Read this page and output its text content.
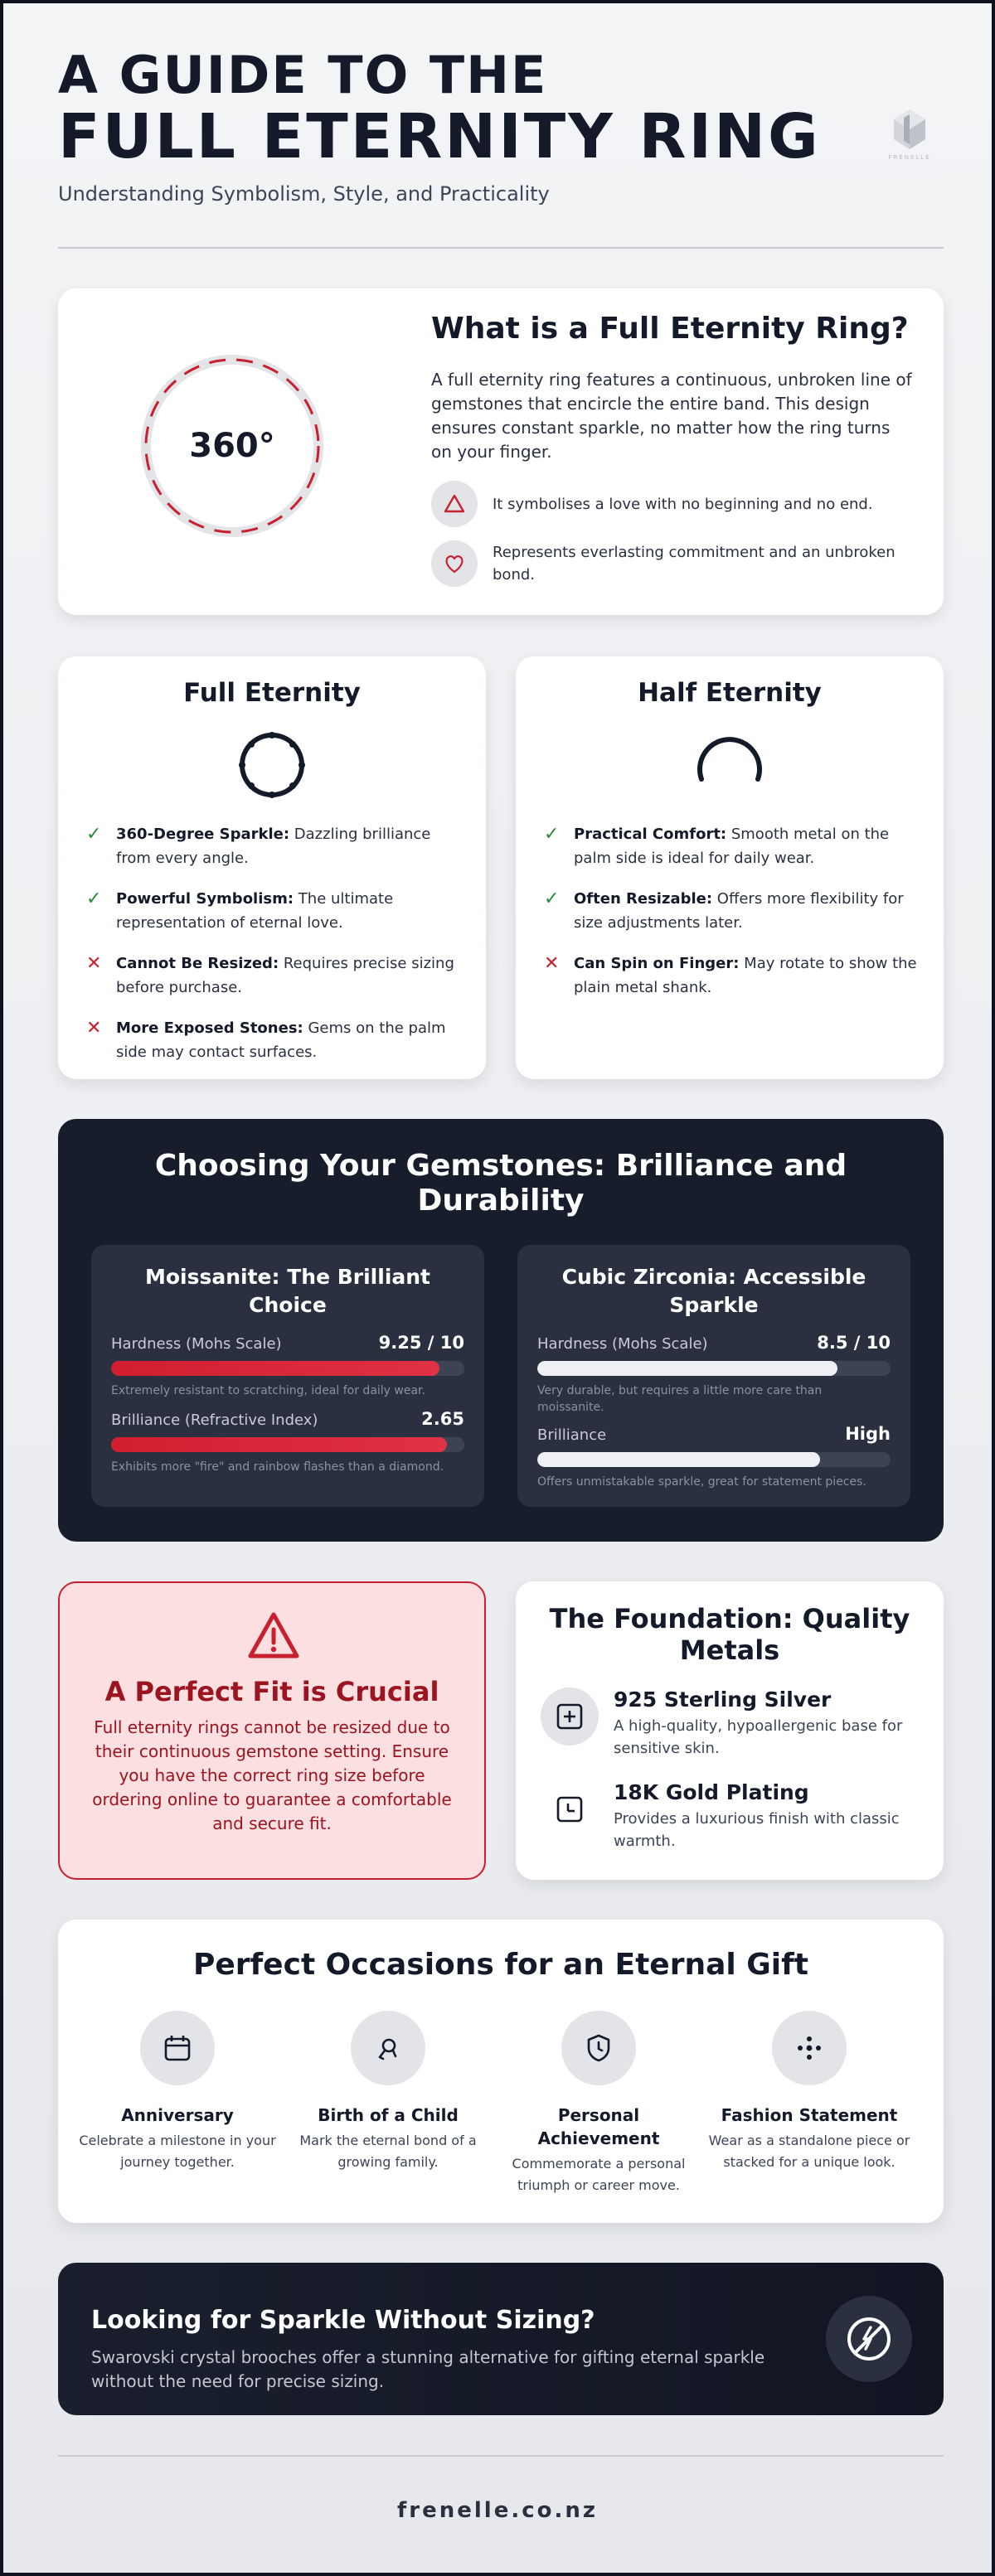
A GUIDE TO THE
FULL ETERNITY RING
Understanding Symbolism, Style, and Practicality
FRENELLE
360°
What is a Full Eternity Ring?
A full eternity ring features a continuous, unbroken line of gemstones that encircle the entire band. This design ensures constant sparkle, no matter how the ring turns on your finger.
It symbolises a love with no beginning and no end.
Represents everlasting commitment and an unbroken bond.
Full Eternity
✓ 360-Degree Sparkle: Dazzling brilliance from every angle.
✓ Powerful Symbolism: The ultimate representation of eternal love.
✕ Cannot Be Resized: Requires precise sizing before purchase.
✕ More Exposed Stones: Gems on the palm side may contact surfaces.
Half Eternity
✓ Practical Comfort: Smooth metal on the palm side is ideal for daily wear.
✓ Often Resizable: Offers more flexibility for size adjustments later.
✕ Can Spin on Finger: May rotate to show the plain metal shank.
Choosing Your Gemstones: Brilliance and Durability
Moissanite: The Brilliant Choice
Hardness (Mohs Scale)	9.25 / 10
Extremely resistant to scratching, ideal for daily wear.
Brilliance (Refractive Index)	2.65
Exhibits more "fire" and rainbow flashes than a diamond.
Cubic Zirconia: Accessible Sparkle
Hardness (Mohs Scale)	8.5 / 10
Very durable, but requires a little more care than moissanite.
Brilliance	High
Offers unmistakable sparkle, great for statement pieces.
A Perfect Fit is Crucial
Full eternity rings cannot be resized due to their continuous gemstone setting. Ensure you have the correct ring size before ordering online to guarantee a comfortable and secure fit.
The Foundation: Quality Metals
925 Sterling Silver

A high-quality, hypoallergenic base for sensitive skin.

18K Gold Plating

Provides a luxurious finish with classic warmth.

Perfect Occasions for an Eternal Gift
Anniversary

Celebrate a milestone in your journey together.

Birth of a Child

Mark the eternal bond of a growing family.

Personal Achievement

Commemorate a personal triumph or career move.

Fashion Statement

Wear as a standalone piece or stacked for a unique look.

Looking for Sparkle Without Sizing?

Swarovski crystal brooches offer a stunning alternative for gifting eternal sparkle without the need for precise sizing.

frenelle.co.nz
